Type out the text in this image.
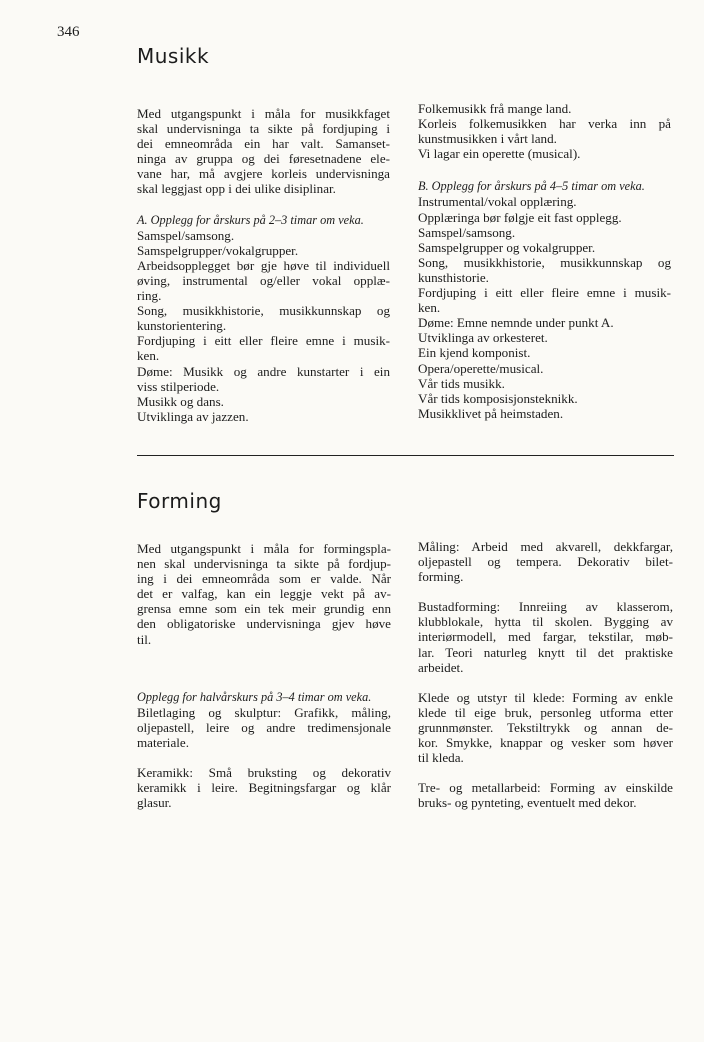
346
Musikk

Med utgangspunkt i måla for musikkfaget

skal undervisninga ta sikte på fordjuping i

dei emneområda ein har valt. Samanset-

ninga av gruppa og dei føresetnadene ele-

vane har, må avgjere korleis undervisninga

skal leggjast opp i dei ulike disiplinar.

A. Opplegg for årskurs på 2–3 timar om veka.

Samspel/samsong.

Samspelgrupper/vokalgrupper.

Arbeidsopplegget bør gje høve til individuell

øving, instrumental og/eller vokal opplæ-

ring.

Song, musikkhistorie, musikkunnskap og

kunstorientering.

Fordjuping i eitt eller fleire emne i musik-

ken.

Døme: Musikk og andre kunstarter i ein

viss stilperiode.

Musikk og dans.

Utviklinga av jazzen.

Folkemusikk frå mange land.

Korleis folkemusikken har verka inn på

kunstmusikken i vårt land.

Vi lagar ein operette (musical).

B. Opplegg for årskurs på 4–5 timar om veka.

Instrumental/vokal opplæring.

Opplæringa bør følgje eit fast opplegg.

Samspel/samsong.

Samspelgrupper og vokalgrupper.

Song, musikkhistorie, musikkunnskap og

kunsthistorie.

Fordjuping i eitt eller fleire emne i musik-

ken.

Døme: Emne nemnde under punkt A.

Utviklinga av orkesteret.

Ein kjend komponist.

Opera/operette/musical.

Vår tids musikk.

Vår tids komposisjonsteknikk.

Musikklivet på heimstaden.

Forming

Med utgangspunkt i måla for formingspla-

nen skal undervisninga ta sikte på fordjup-

ing i dei emneområda som er valde. Når

det er valfag, kan ein leggje vekt på av-

grensa emne som ein tek meir grundig enn

den obligatoriske undervisninga gjev høve

til.

Opplegg for halvårskurs på 3–4 timar om veka.

Biletlaging og skulptur: Grafikk, måling,

oljepastell, leire og andre tredimensjonale

materiale.

Keramikk: Små bruksting og dekorativ

keramikk i leire. Begitningsfargar og klår

glasur.

Måling: Arbeid med akvarell, dekkfargar,

oljepastell og tempera. Dekorativ bilet-

forming.

Bustadforming: Innreiing av klasserom,

klubblokale, hytta til skolen. Bygging av

interiørmodell, med fargar, tekstilar, møb-

lar. Teori naturleg knytt til det praktiske

arbeidet.

Klede og utstyr til klede: Forming av enkle

klede til eige bruk, personleg utforma etter

grunnmønster. Tekstiltrykk og annan de-

kor. Smykke, knappar og vesker som høver

til kleda.

Tre- og metallarbeid: Forming av einskilde

bruks- og pynteting, eventuelt med dekor.
